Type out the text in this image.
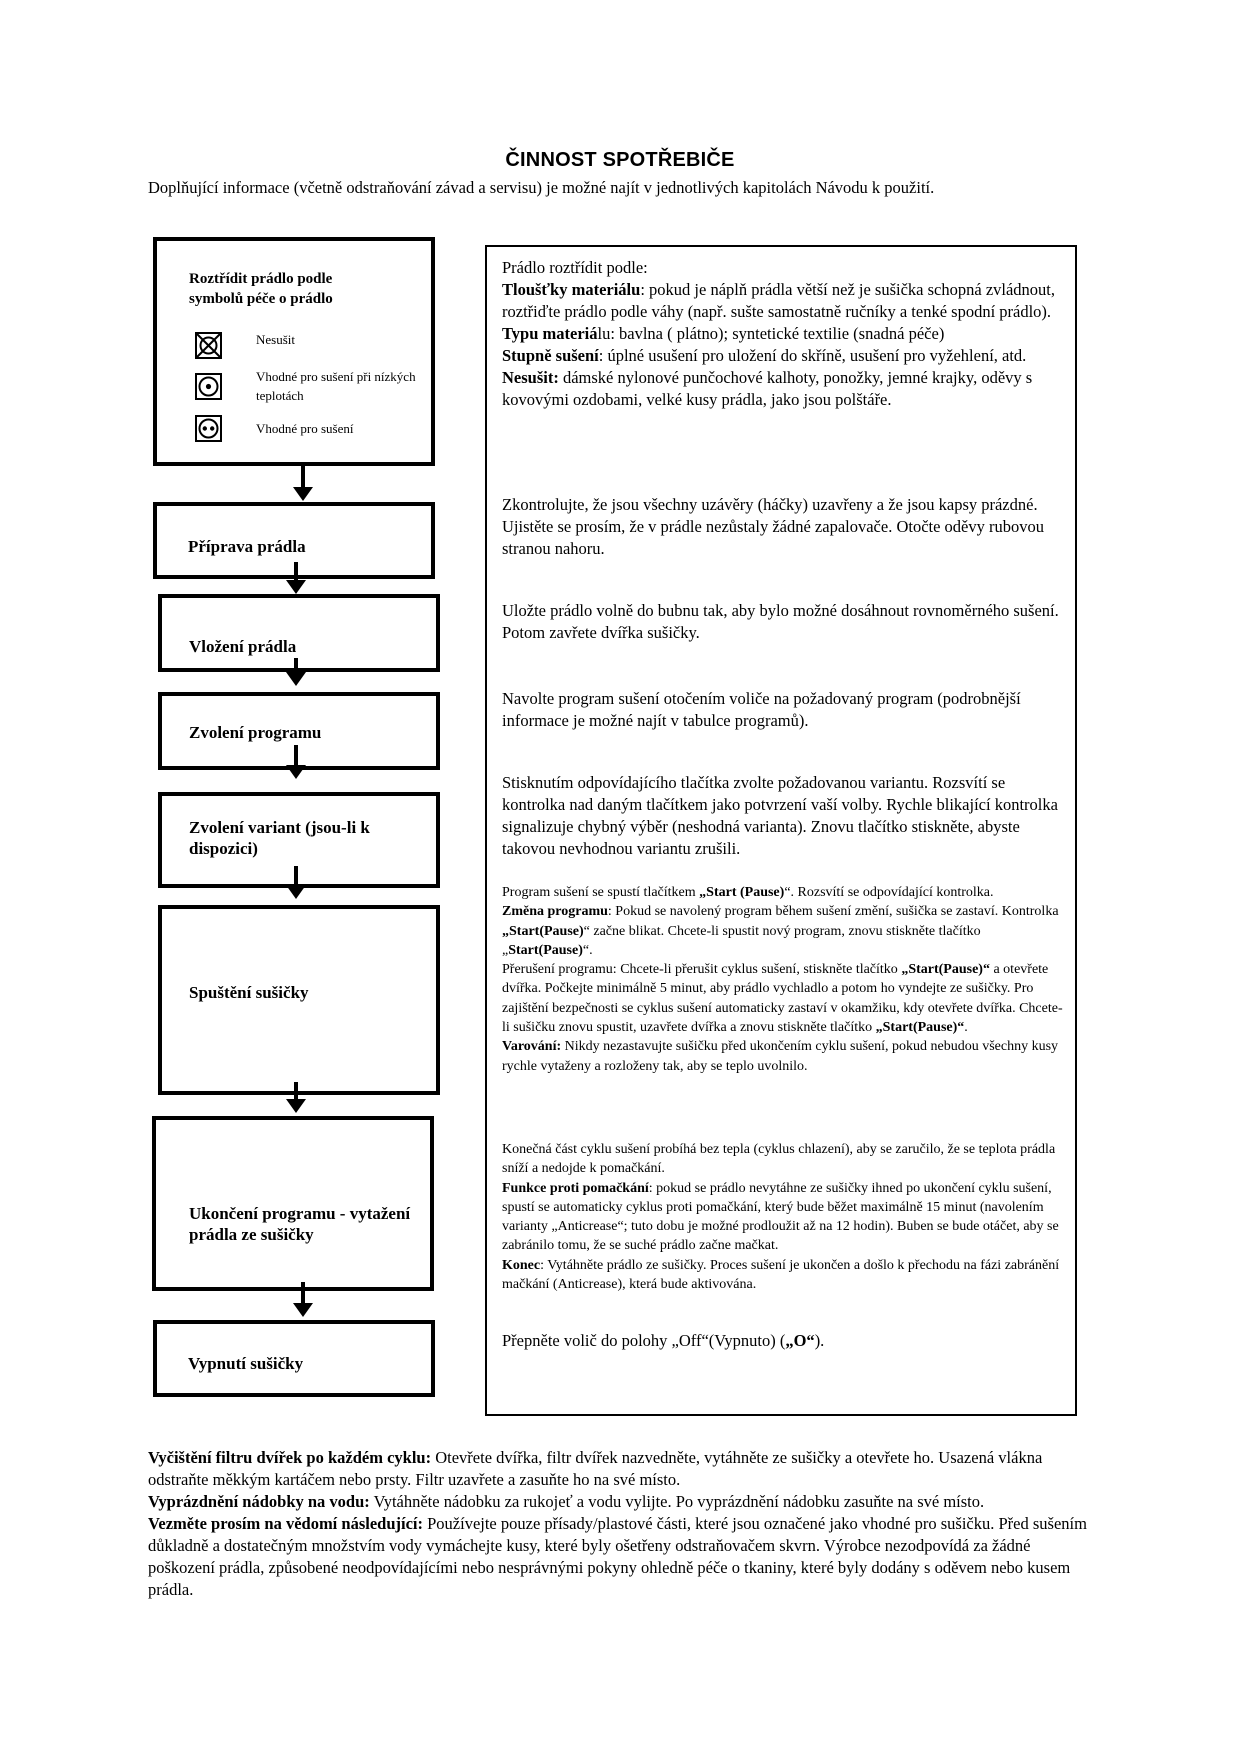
ČINNOST SPOTŘEBIČE
Doplňující informace (včetně odstraňování závad a servisu) je možné najít v jednotlivých kapitolách Návodu k použití.
Roztřídit prádlo podle symbolů péče o prádlo
Nesušit
Vhodné pro sušení při nízkých teplotách
Vhodné pro sušení
Příprava prádla
Vložení prádla
Zvolení programu
Zvolení variant (jsou-li k dispozici)
Spuštění sušičky
Ukončení programu - vytažení prádla ze sušičky
Vypnutí sušičky
Prádlo roztřídit podle:
Tloušťky materiálu: pokud je náplň prádla větší než je sušička schopná zvládnout, roztřiďte prádlo podle váhy (např. sušte samostatně ručníky a tenké spodní prádlo).
Typu materiálu: bavlna ( plátno); syntetické textilie (snadná péče)
Stupně sušení: úplné usušení pro uložení do skříně, usušení pro vyžehlení, atd.
Nesušit: dámské nylonové punčochové kalhoty, ponožky, jemné krajky, oděvy s kovovými ozdobami, velké kusy prádla, jako jsou polštáře.
Zkontrolujte, že jsou všechny uzávěry (háčky) uzavřeny a že jsou kapsy prázdné. Ujistěte se prosím, že v prádle nezůstaly žádné zapalovače. Otočte oděvy rubovou stranou nahoru.
Uložte prádlo volně do bubnu tak, aby bylo možné dosáhnout rovnoměrného sušení. Potom zavřete dvířka sušičky.
Navolte program sušení otočením voliče na požadovaný program (podrobnější informace je možné najít v tabulce programů).
Stisknutím odpovídajícího tlačítka zvolte požadovanou variantu. Rozsvítí se kontrolka nad daným tlačítkem jako potvrzení vaší volby. Rychle blikající kontrolka signalizuje chybný výběr (neshodná varianta). Znovu tlačítko stiskněte, abyste takovou nevhodnou variantu zrušili.
Program sušení se spustí tlačítkem „Start (Pause)“. Rozsvítí se odpovídající kontrolka.
Změna programu: Pokud se navolený program během sušení změní, sušička se zastaví. Kontrolka „Start(Pause)“ začne blikat. Chcete-li spustit nový program, znovu stiskněte tlačítko „Start(Pause)“.
Přerušení programu: Chcete-li přerušit cyklus sušení, stiskněte tlačítko „Start(Pause)“ a otevřete dvířka. Počkejte minimálně 5 minut, aby prádlo vychladlo a potom ho vyndejte ze sušičky. Pro zajištění bezpečnosti se cyklus sušení automaticky zastaví v okamžiku, kdy otevřete dvířka. Chcete-li sušičku znovu spustit, uzavřete dvířka a znovu stiskněte tlačítko „Start(Pause)“.
Varování: Nikdy nezastavujte sušičku před ukončením cyklu sušení, pokud nebudou všechny kusy rychle vytaženy a rozloženy tak, aby se teplo uvolnilo.
Konečná část cyklu sušení probíhá bez tepla (cyklus chlazení), aby se zaručilo, že se teplota prádla sníží a nedojde k pomačkání.
Funkce proti pomačkání: pokud se prádlo nevytáhne ze sušičky ihned po ukončení cyklu sušení, spustí se automaticky cyklus proti pomačkání, který bude běžet maximálně 15 minut (navolením varianty „Anticrease“; tuto dobu je možné prodloužit až na 12 hodin). Buben se bude otáčet, aby se zabránilo tomu, že se suché prádlo začne mačkat.
Konec: Vytáhněte prádlo ze sušičky. Proces sušení je ukončen a došlo k přechodu na fázi zabránění mačkání (Anticrease), která bude aktivována.
Přepněte volič do polohy „Off“(Vypnuto) („O“).

Vyčištění filtru dvířek po každém cyklu: Otevřete dvířka, filtr dvířek nazvedněte, vytáhněte ze sušičky a otevřete ho. Usazená vlákna odstraňte měkkým kartáčem nebo prsty. Filtr uzavřete a zasuňte ho na své místo.

Vyprázdnění nádobky na vodu: Vytáhněte nádobku za rukojeť a vodu vylijte. Po vyprázdnění nádobku zasuňte na své místo.

Vezměte prosím na vědomí následující: Používejte pouze přísady/plastové části, které jsou označené jako vhodné pro sušičku. Před sušením důkladně a dostatečným množstvím vody vymáchejte kusy, které byly ošetřeny odstraňovačem skvrn. Výrobce nezodpovídá za žádné poškození prádla, způsobené neodpovídajícími nebo nesprávnými pokyny ohledně péče o tkaniny, které byly dodány s oděvem nebo kusem prádla.
